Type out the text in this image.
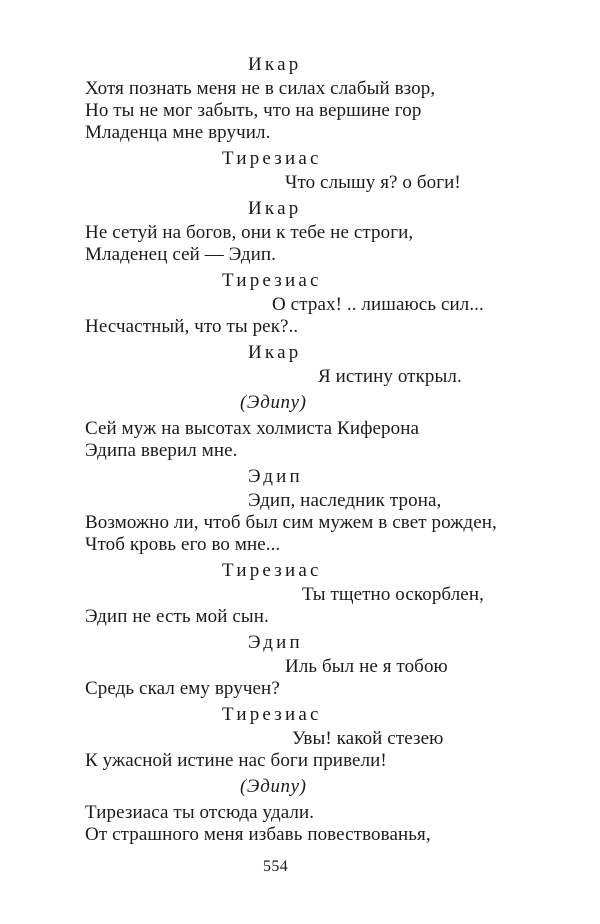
Икар
Хотя познать меня не в силах слабый взор,
Но ты не мог забыть, что на вершине гор
Младенца мне вручил.
Тирезиас
Что слышу я? о боги!
Икар
Не сетуй на богов, они к тебе не строги,
Младенец сей — Эдип.
Тирезиас
О страх! .. лишаюсь сил...
Несчастный, что ты рек?..
Икар
Я истину открыл.
(Эдипу)
Сей муж на высотах холмиста Киферона
Эдипа вверил мне.
Эдип
Эдип, наследник трона,
Возможно ли, чтоб был сим мужем в свет рожден,
Чтоб кровь его во мне...
Тирезиас
Ты тщетно оскорблен,
Эдип не есть мой сын.
Эдип
Иль был не я тобою
Средь скал ему вручен?
Тирезиас
Увы! какой стезею
К ужасной истине нас боги привели!
(Эдипу)
Тирезиаса ты отсюда удали.
От страшного меня избавь повествованья,
554
